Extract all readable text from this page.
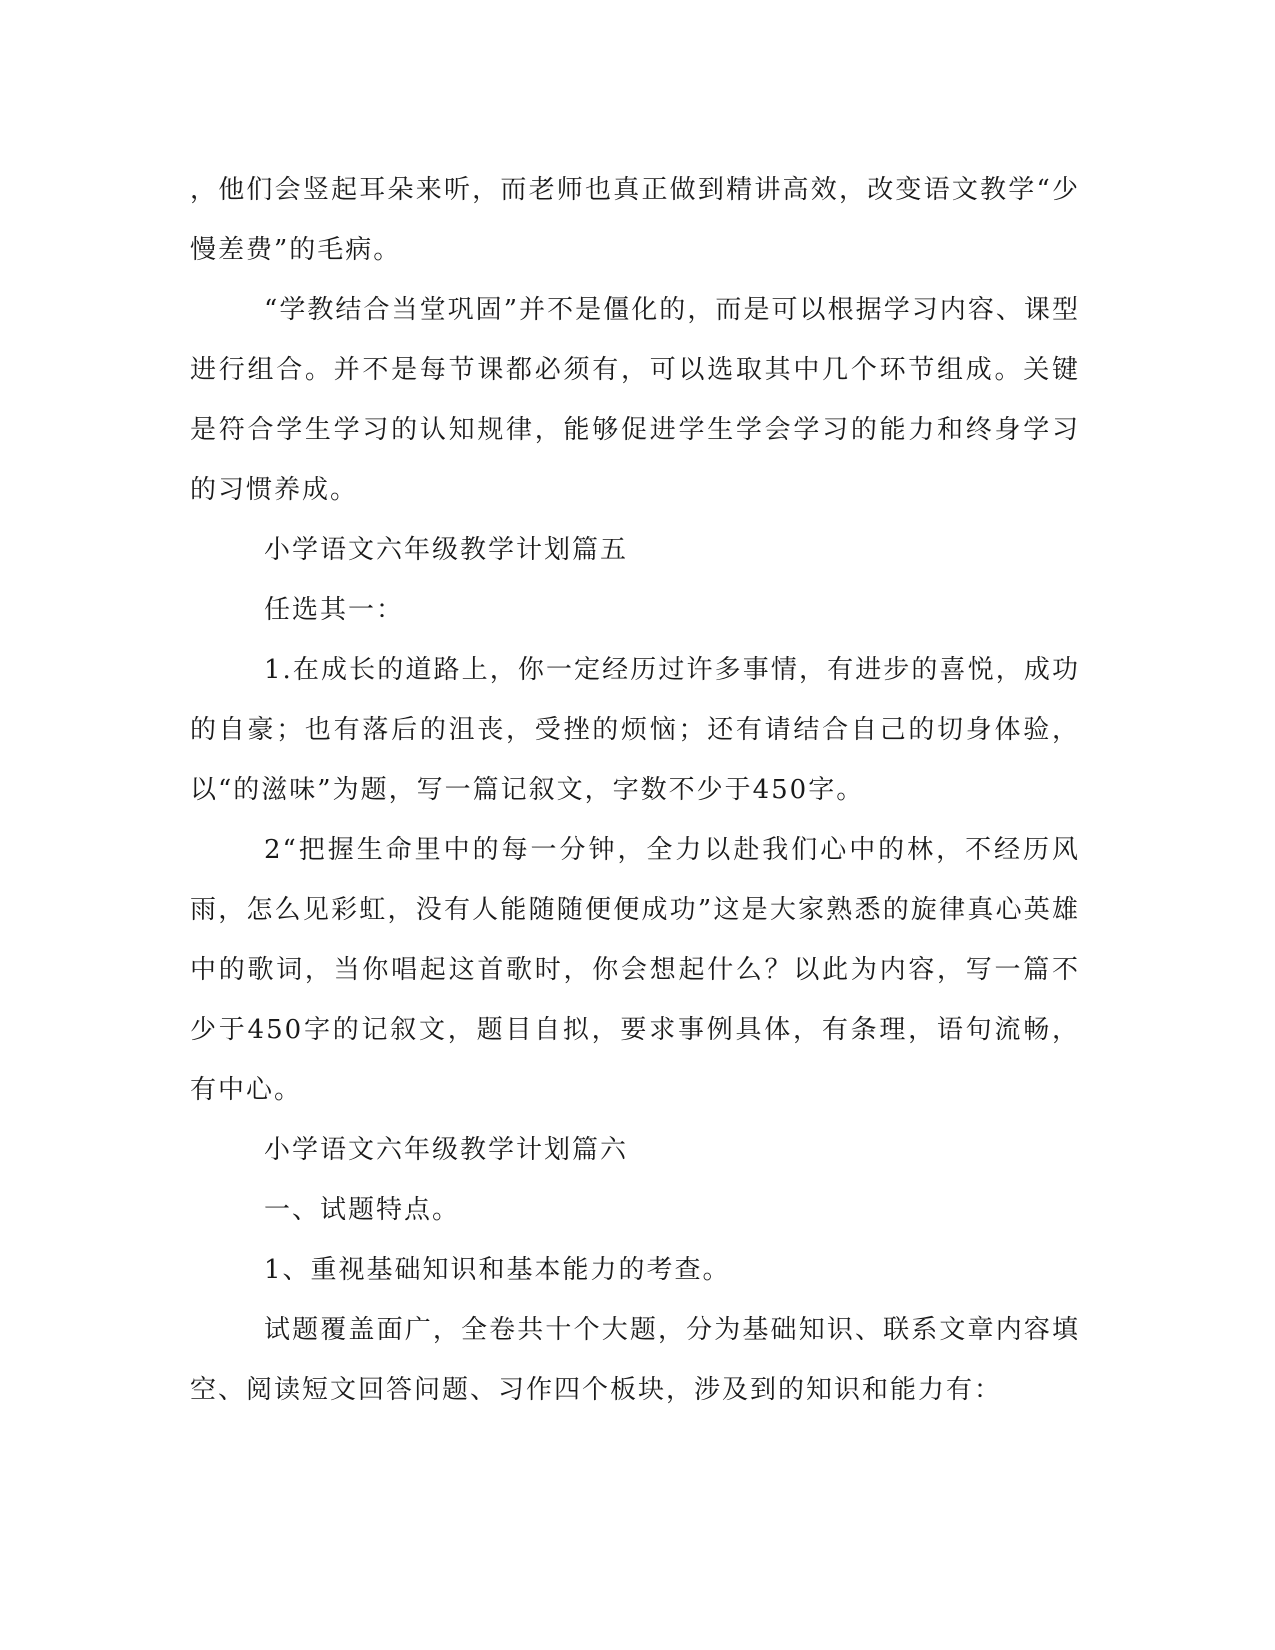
，他们会竖起耳朵来听，而老师也真正做到精讲高效，改变语文教学“少慢差费”的毛病。

“学教结合当堂巩固”并不是僵化的，而是可以根据学习内容、课型进行组合。并不是每节课都必须有，可以选取其中几个环节组成。关键是符合学生学习的认知规律，能够促进学生学会学习的能力和终身学习的习惯养成。

小学语文六年级教学计划篇五

任选其一：

1.在成长的道路上，你一定经历过许多事情，有进步的喜悦，成功的自豪；也有落后的沮丧，受挫的烦恼；还有请结合自己的切身体验，以“的滋味”为题，写一篇记叙文，字数不少于450字。

2“把握生命里中的每一分钟，全力以赴我们心中的林，不经历风雨，怎么见彩虹，没有人能随随便便成功”这是大家熟悉的旋律真心英雄中的歌词，当你唱起这首歌时，你会想起什么？以此为内容，写一篇不少于450字的记叙文，题目自拟，要求事例具体，有条理，语句流畅，有中心。

小学语文六年级教学计划篇六

一、试题特点。

1、重视基础知识和基本能力的考查。

试题覆盖面广，全卷共十个大题，分为基础知识、联系文章内容填空、阅读短文回答问题、习作四个板块，涉及到的知识和能力有：
